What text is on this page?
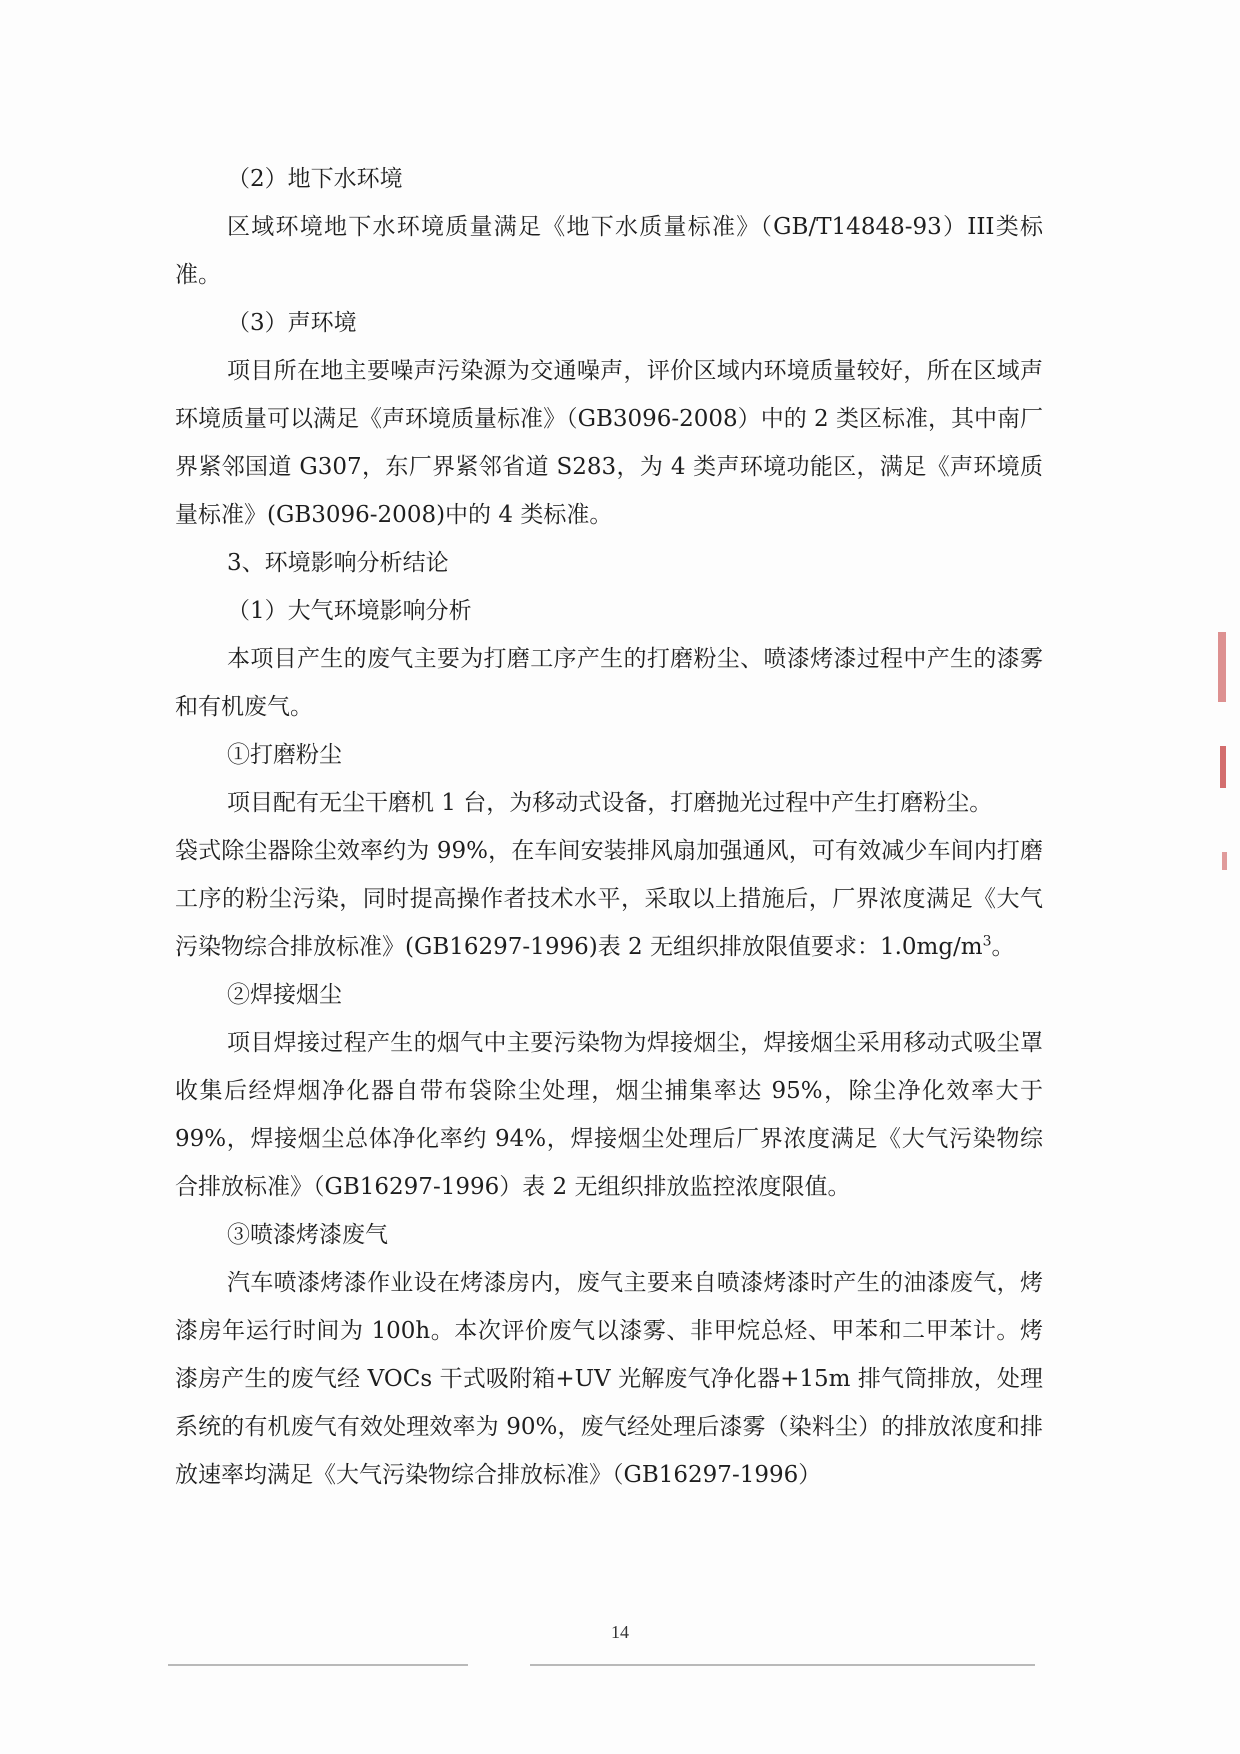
（2）地下水环境

区域环境地下水环境质量满足《地下水质量标准》（GB/T14848-93）III类标准。

（3）声环境

项目所在地主要噪声污染源为交通噪声，评价区域内环境质量较好，所在区域声环境质量可以满足《声环境质量标准》（GB3096-2008）中的 2 类区标准，其中南厂界紧邻国道 G307，东厂界紧邻省道 S283，为 4 类声环境功能区，满足《声环境质量标准》(GB3096-2008)中的 4 类标准。

3、环境影响分析结论

（1）大气环境影响分析

本项目产生的废气主要为打磨工序产生的打磨粉尘、喷漆烤漆过程中产生的漆雾和有机废气。

①打磨粉尘

项目配有无尘干磨机 1 台，为移动式设备，打磨抛光过程中产生打磨粉尘。

袋式除尘器除尘效率约为 99%，在车间安装排风扇加强通风，可有效减少车间内打磨工序的粉尘污染，同时提高操作者技术水平，采取以上措施后，厂界浓度满足《大气污染物综合排放标准》(GB16297-1996)表 2 无组织排放限值要求：$1.0mg/m^3$。

②焊接烟尘

项目焊接过程产生的烟气中主要污染物为焊接烟尘，焊接烟尘采用移动式吸尘罩收集后经焊烟净化器自带布袋除尘处理，烟尘捕集率达 95%，除尘净化效率大于 99%，焊接烟尘总体净化率约 94%，焊接烟尘处理后厂界浓度满足《大气污染物综合排放标准》（GB16297-1996）表 2 无组织排放监控浓度限值。

③喷漆烤漆废气

汽车喷漆烤漆作业设在烤漆房内，废气主要来自喷漆烤漆时产生的油漆废气，烤漆房年运行时间为 100h。本次评价废气以漆雾、非甲烷总烃、甲苯和二甲苯计。烤漆房产生的废气经 VOCs 干式吸附箱+UV 光解废气净化器+15m 排气筒排放，处理系统的有机废气有效处理效率为 90%，废气经处理后漆雾（染料尘）的排放浓度和排放速率均满足《大气污染物综合排放标准》（GB16297-1996）

14
